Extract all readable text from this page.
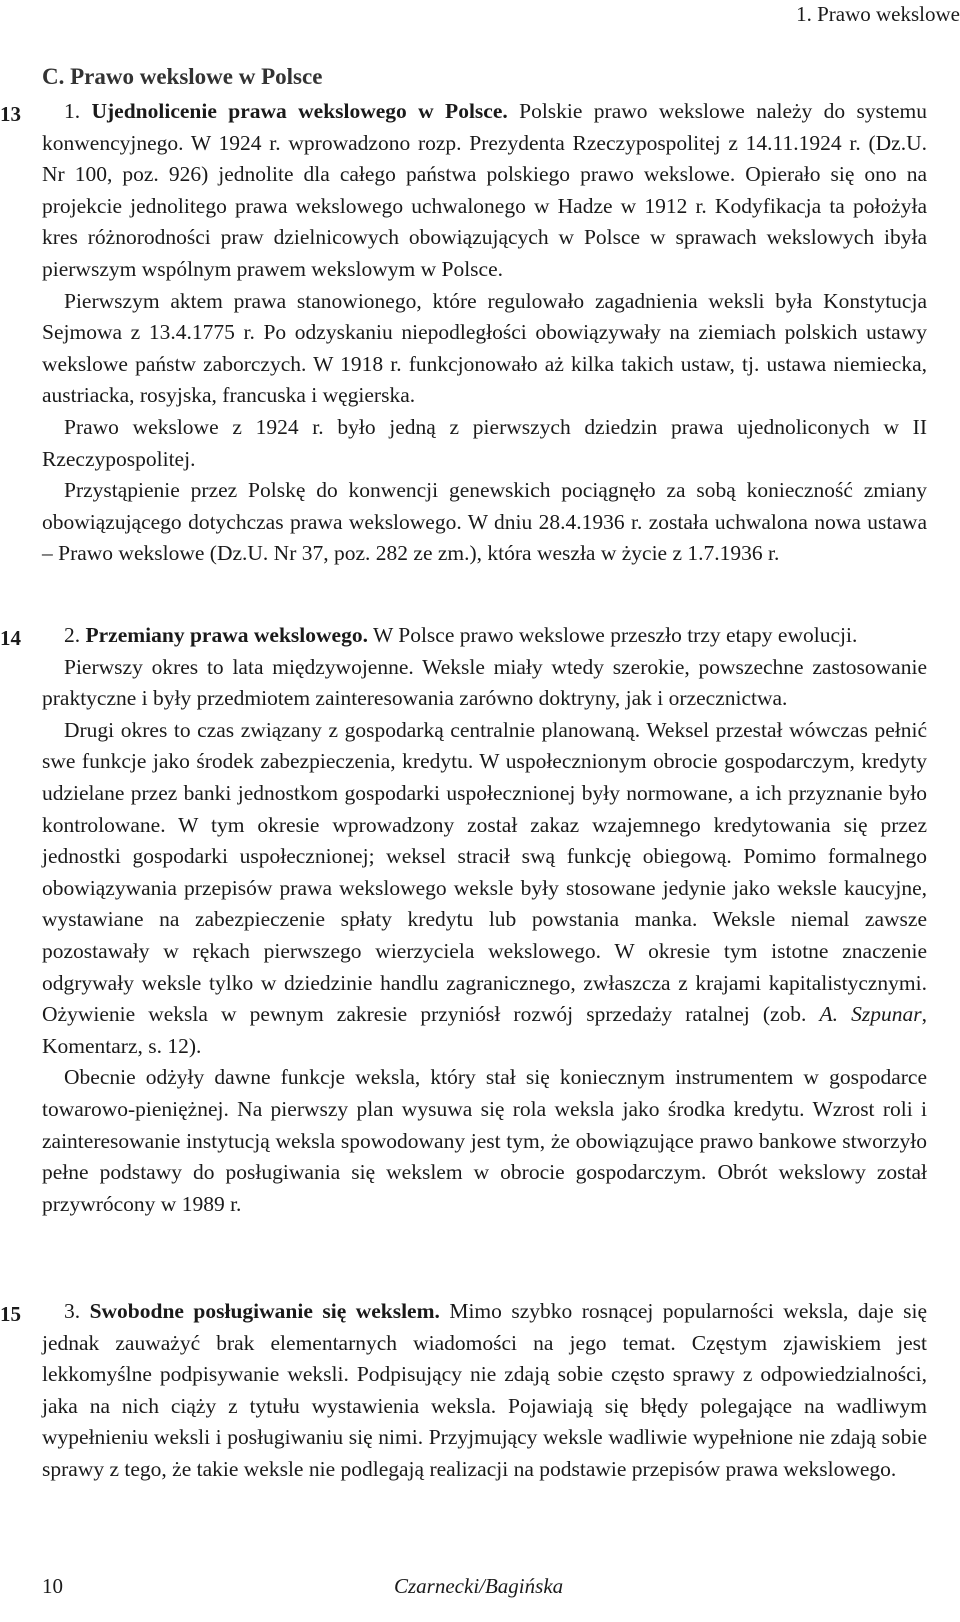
1. Prawo wekslowe
C. Prawo wekslowe w Polsce
13	1. Ujednolicenie prawa wekslowego w Polsce. Polskie prawo wekslowe należy do systemu konwencyjnego. W 1924 r. wprowadzono rozp. Prezydenta Rzeczypospolitej z 14.11.1924 r. (Dz.U. Nr 100, poz. 926) jednolite dla całego państwa polskiego prawo wekslowe. Opierało się ono na projekcie jednolitego prawa wekslowego uchwalonego w Hadze w 1912 r. Kodyfikacja ta położyła kres różnorodności praw dzielnicowych obowiązujących w Polsce w sprawach wekslowych ibyła pierwszym wspólnym prawem wekslowym w Polsce.

Pierwszym aktem prawa stanowionego, które regulowało zagadnienia weksli była Konstytucja Sejmowa z 13.4.1775 r. Po odzyskaniu niepodległości obowiązywały na ziemiach polskich ustawy wekslowe państw zaborczych. W 1918 r. funkcjonowało aż kilka takich ustaw, tj. ustawa niemiecka, austriacka, rosyjska, francuska i węgierska.

Prawo wekslowe z 1924 r. było jedną z pierwszych dziedzin prawa ujednoliconych w II Rzeczypospolitej.

Przystąpienie przez Polskę do konwencji genewskich pociągnęło za sobą konieczność zmiany obowiązującego dotychczas prawa wekslowego. W dniu 28.4.1936 r. została uchwalona nowa ustawa – Prawo wekslowe (Dz.U. Nr 37, poz. 282 ze zm.), która weszła w życie z 1.7.1936 r.

14	2. Przemiany prawa wekslowego. W Polsce prawo wekslowe przeszło trzy etapy ewolucji.

Pierwszy okres to lata międzywojenne. Weksle miały wtedy szerokie, powszechne zastosowanie praktyczne i były przedmiotem zainteresowania zarówno doktryny, jak i orzecznictwa.

Drugi okres to czas związany z gospodarką centralnie planowaną. Weksel przestał wówczas pełnić swe funkcje jako środek zabezpieczenia, kredytu. W uspołecznionym obrocie gospodarczym, kredyty udzielane przez banki jednostkom gospodarki uspołecznionej były normowane, a ich przyznanie było kontrolowane. W tym okresie wprowadzony został zakaz wzajemnego kredytowania się przez jednostki gospodarki uspołecznionej; weksel stracił swą funkcję obiegową. Pomimo formalnego obowiązywania przepisów prawa wekslowego weksle były stosowane jedynie jako weksle kaucyjne, wystawiane na zabezpieczenie spłaty kredytu lub powstania manka. Weksle niemal zawsze pozostawały w rękach pierwszego wierzyciela wekslowego. W okresie tym istotne znaczenie odgrywały weksle tylko w dziedzinie handlu zagranicznego, zwłaszcza z krajami kapitalistycznymi. Ożywienie weksla w pewnym zakresie przyniósł rozwój sprzedaży ratalnej (zob. A. Szpunar, Komentarz, s. 12).

Obecnie odżyły dawne funkcje weksla, który stał się koniecznym instrumentem w gospodarce towarowo-pieniężnej. Na pierwszy plan wysuwa się rola weksla jako środka kredytu. Wzrost roli i zainteresowanie instytucją weksla spowodowany jest tym, że obowiązujące prawo bankowe stworzyło pełne podstawy do posługiwania się wekslem w obrocie gospodarczym. Obrót wekslowy został przywrócony w 1989 r.

15	3. Swobodne posługiwanie się wekslem. Mimo szybko rosnącej popularności weksla, daje się jednak zauważyć brak elementarnych wiadomości na jego temat. Częstym zjawiskiem jest lekkomyślne podpisywanie weksli. Podpisujący nie zdają sobie często sprawy z odpowiedzialności, jaka na nich ciąży z tytułu wystawienia weksla. Pojawiają się błędy polegające na wadliwym wypełnieniu weksli i posługiwaniu się nimi. Przyjmujący weksle wadliwie wypełnione nie zdają sobie sprawy z tego, że takie weksle nie podlegają realizacji na podstawie przepisów prawa wekslowego.

10	Czarnecki/Bagińska
